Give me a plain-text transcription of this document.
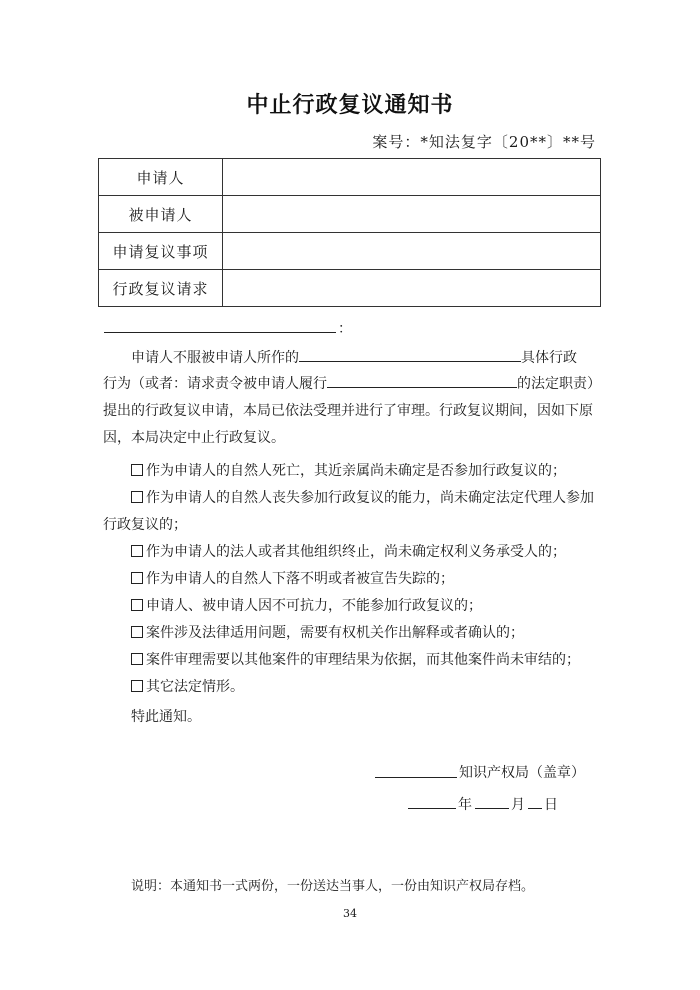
中止行政复议通知书
案号：*知法复字〔20**〕**号
申请人	
被申请人	
申请复议事项	
行政复议请求	
：
申请人不服被申请人所作的	具体行政
行为（或者：请求责令被申请人履行	的法定职责）
提出的行政复议申请，本局已依法受理并进行了审理。行政复议期间，因如下原
因，本局决定中止行政复议。
作为申请人的自然人死亡，其近亲属尚未确定是否参加行政复议的；
作为申请人的自然人丧失参加行政复议的能力，尚未确定法定代理人参加
行政复议的；
作为申请人的法人或者其他组织终止，尚未确定权利义务承受人的；
作为申请人的自然人下落不明或者被宣告失踪的；
申请人、被申请人因不可抗力，不能参加行政复议的；
案件涉及法律适用问题，需要有权机关作出解释或者确认的；
案件审理需要以其他案件的审理结果为依据，而其他案件尚未审结的；
其它法定情形。
特此通知。
知识产权局（盖章）
年	月 日
说明：本通知书一式两份，一份送达当事人，一份由知识产权局存档。
34
